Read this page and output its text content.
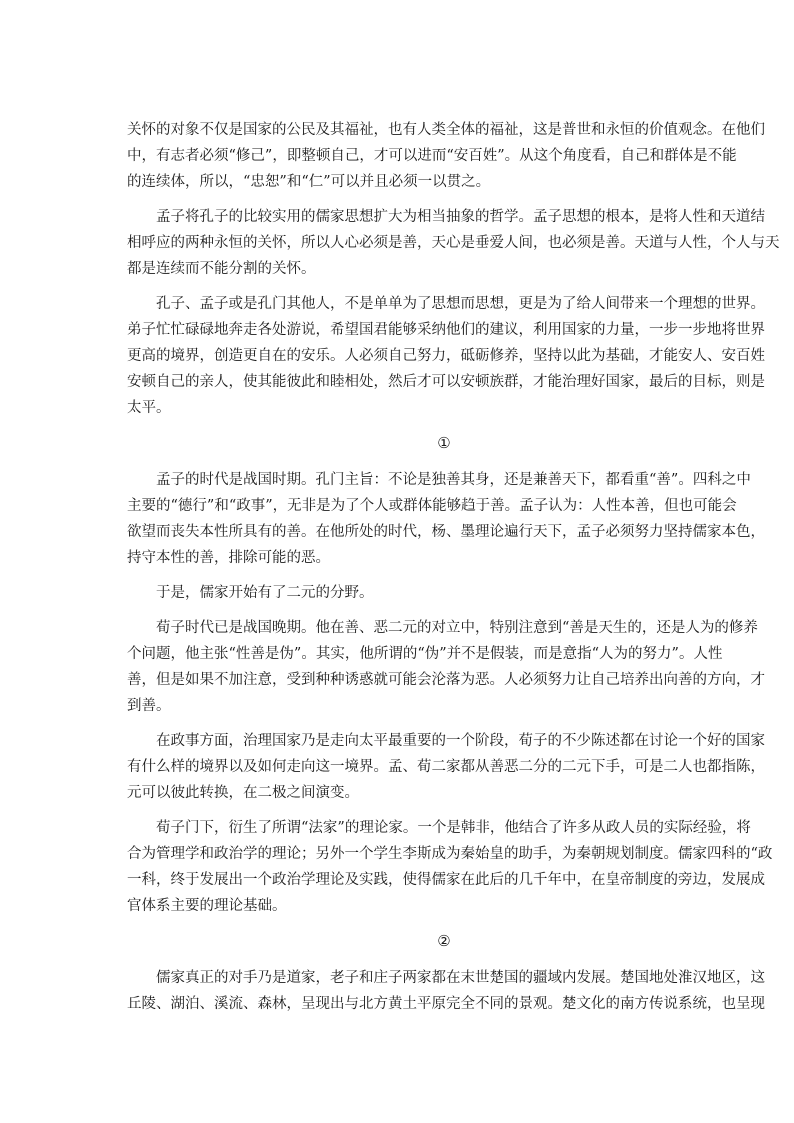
关怀的对象不仅是国家的公民及其福祉，也有人类全体的福祉，这是普世和永恒的价值观念。在他们
中，有志者必须“修己”，即整顿自己，才可以进而“安百姓”。从这个角度看，自己和群体是不能
的连续体，所以，“忠恕”和“仁”可以并且必须一以贯之。
孟子将孔子的比较实用的儒家思想扩大为相当抽象的哲学。孟子思想的根本，是将人性和天道结
相呼应的两种永恒的关怀，所以人心必须是善，天心是垂爱人间，也必须是善。天道与人性，个人与天
都是连续而不能分割的关怀。
孔子、孟子或是孔门其他人，不是单单为了思想而思想，更是为了给人间带来一个理想的世界。
弟子忙忙碌碌地奔走各处游说，希望国君能够采纳他们的建议，利用国家的力量，一步一步地将世界
更高的境界，创造更自在的安乐。人必须自己努力，砥砺修养，坚持以此为基础，才能安人、安百姓
安顿自己的亲人，使其能彼此和睦相处，然后才可以安顿族群，才能治理好国家，最后的目标，则是
太平。
①
孟子的时代是战国时期。孔门主旨：不论是独善其身，还是兼善天下，都看重“善”。四科之中
主要的“德行”和“政事”，无非是为了个人或群体能够趋于善。孟子认为：人性本善，但也可能会
欲望而丧失本性所具有的善。在他所处的时代，杨、墨理论遍行天下，孟子必须努力坚持儒家本色，
持守本性的善，排除可能的恶。
于是，儒家开始有了二元的分野。
荀子时代已是战国晚期。他在善、恶二元的对立中，特别注意到“善是天生的，还是人为的修养
个问题，他主张“性善是伪”。其实，他所谓的“伪”并不是假装，而是意指“人为的努力”。人性
善，但是如果不加注意，受到种种诱惑就可能会沦落为恶。人必须努力让自己培养出向善的方向，才
到善。
在政事方面，治理国家乃是走向太平最重要的一个阶段，荀子的不少陈述都在讨论一个好的国家
有什么样的境界以及如何走向这一境界。孟、荀二家都从善恶二分的二元下手，可是二人也都指陈，
元可以彼此转换，在二极之间演变。
荀子门下，衍生了所谓“法家”的理论家。一个是韩非，他结合了许多从政人员的实际经验，将
合为管理学和政治学的理论；另外一个学生李斯成为秦始皇的助手，为秦朝规划制度。儒家四科的“政
一科，终于发展出一个政治学理论及实践，使得儒家在此后的几千年中，在皇帝制度的旁边，发展成
官体系主要的理论基础。
②
儒家真正的对手乃是道家，老子和庄子两家都在末世楚国的疆域内发展。楚国地处淮汉地区，这
丘陵、湖泊、溪流、森林，呈现出与北方黄土平原完全不同的景观。楚文化的南方传说系统，也呈现
